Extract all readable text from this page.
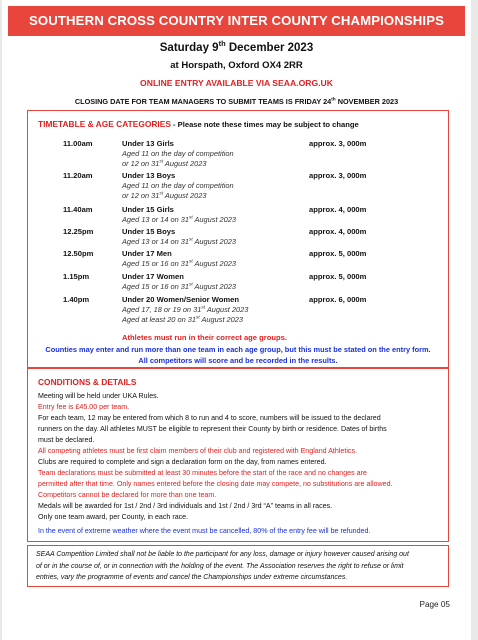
SOUTHERN CROSS COUNTRY INTER COUNTY CHAMPIONSHIPS
Saturday 9th December 2023
at Horspath, Oxford OX4 2RR
ONLINE ENTRY AVAILABLE VIA SEAA.ORG.UK
CLOSING DATE FOR TEAM MANAGERS TO SUBMIT TEAMS IS FRIDAY 24th NOVEMBER 2023
TIMETABLE & AGE CATEGORIES - Please note these times may be subject to change
11.00am	Under 13 Girls	approx. 3, 000m
Aged 11 on the day of competition
or 12 on 31st August 2023
11.20am	Under 13 Boys	approx. 3, 000m
Aged 11 on the day of competition
or 12 on 31st August 2023
11.40am	Under 15 Girls	approx. 4, 000m
Aged 13 or 14 on 31st August 2023
12.25pm	Under 15 Boys	approx. 4, 000m
Aged 13 or 14 on 31st August 2023
12.50pm	Under 17 Men	approx. 5, 000m
Aged 15 or 16 on 31st August 2023
1.15pm	Under 17 Women	approx. 5, 000m
Aged 15 or 16 on 31st August 2023
1.40pm	Under 20 Women/Senior Women	approx. 6, 000m
Aged 17, 18 or 19 on 31st August 2023
Aged at least 20 on 31st August 2023
Athletes must run in their correct age groups.
Counties may enter and run more than one team in each age group, but this must be stated on the entry form.
All competitors will score and be recorded in the results.
CONDITIONS & DETAILS
Meeting will be held under UKA Rules.
Entry fee is £45.00 per team.
For each team, 12 may be entered from which 8 to run and 4 to score, numbers will be issued to the declared
runners on the day. All athletes MUST be eligible to represent their County by birth or residence. Dates of births
must be declared.
All competing athletes must be first claim members of their club and registered with England Athletics.
Clubs are required to complete and sign a declaration form on the day, from names entered.
Team declarations must be submitted at least 30 minutes before the start of the race and no changes are
permitted after that time. Only names entered before the closing date may compete, no substitutions are allowed.
Competitors cannot be declared for more than one team.
Medals will be awarded for 1st / 2nd / 3rd individuals and 1st / 2nd / 3rd “A” teams in all races.
Only one team award, per County, in each race.
In the event of extreme weather where the event must be cancelled, 80% of the entry fee will be refunded.
SEAA Competition Limited shall not be liable to the participant for any loss, damage or injury however caused arising out
of or in the course of, or in connection with the holding of the event. The Association reserves the right to refuse or limit
entries, vary the programme of events and cancel the Championships under extreme circumstances.
Page 05
